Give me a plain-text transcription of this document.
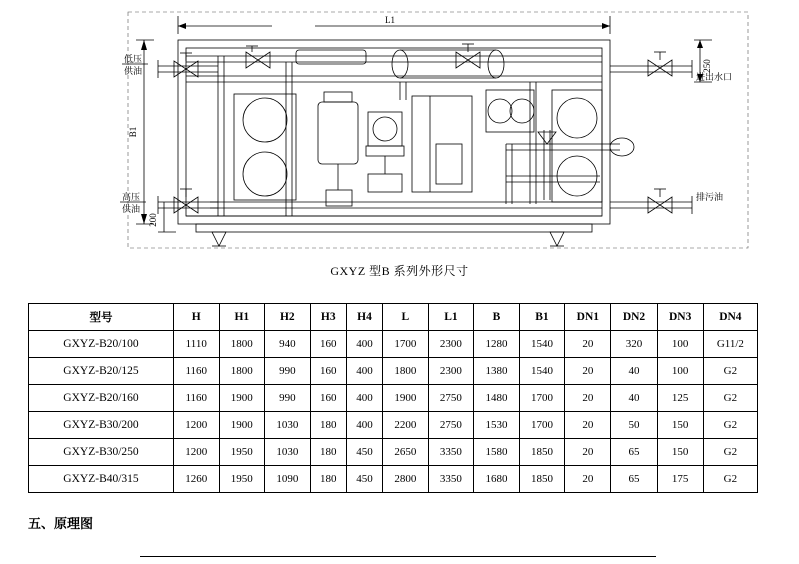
L1
250
B1
200
低压
供油
高压
供油
进出水口
排污油
GXYZ 型B 系列外形尺寸
型号	H	H1	H2	H3	H4	L	L1	B	B1	DN1	DN2	DN3	DN4
GXYZ-B20/100	1110	1800	940	160	400	1700	2300	1280	1540	20	320	100	G11/2
GXYZ-B20/125	1160	1800	990	160	400	1800	2300	1380	1540	20	40	100	G2
GXYZ-B20/160	1160	1900	990	160	400	1900	2750	1480	1700	20	40	125	G2
GXYZ-B30/200	1200	1900	1030	180	400	2200	2750	1530	1700	20	50	150	G2
GXYZ-B30/250	1200	1950	1030	180	450	2650	3350	1580	1850	20	65	150	G2
GXYZ-B40/315	1260	1950	1090	180	450	2800	3350	1680	1850	20	65	175	G2
五、原理图
